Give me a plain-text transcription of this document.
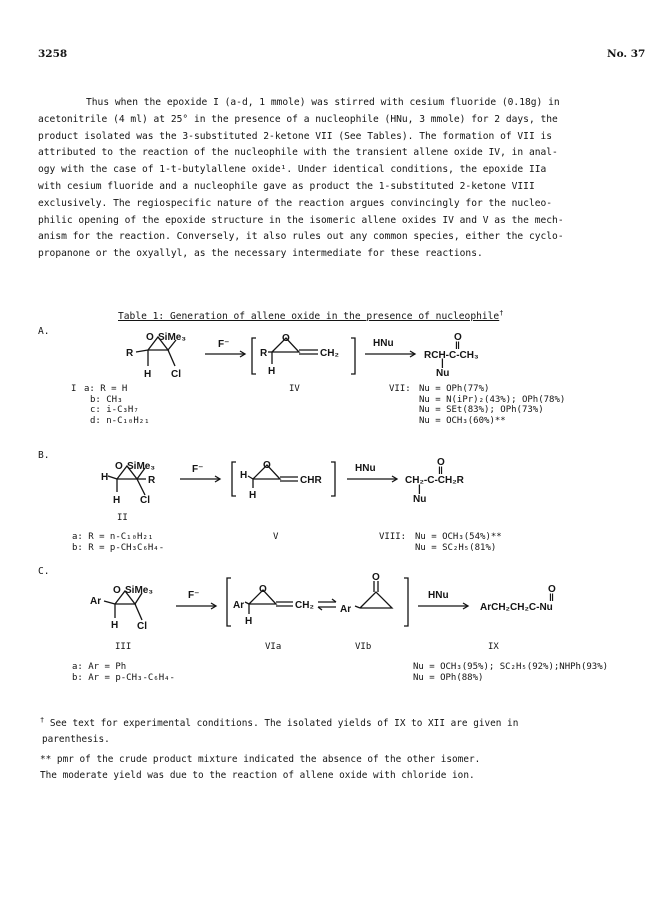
3258	No. 37
Thus when the epoxide I (a-d, 1 mmole) was stirred with cesium fluoride (0.18g) in
acetonitrile (4 ml) at 25° in the presence of a nucleophile (HNu, 3 mmole) for 2 days, the
product isolated was the 3-substituted 2-ketone VII (See Tables). The formation of VII is
attributed to the reaction of the nucleophile with the transient allene oxide IV, in anal-
ogy with the case of 1-t-butylallene oxide¹. Under identical conditions, the epoxide IIa
with cesium fluoride and a nucleophile gave as product the 1-substituted 2-ketone VIII
exclusively. The regiospecific nature of the reaction argues convincingly for the nucleo-
philic opening of the epoxide structure in the isomeric allene oxides IV and V as the mech-
anism for the reaction. Conversely, it also rules out any common species, either the cyclo-
propanone or the oxyallyl, as the necessary intermediate for these reactions.
Table 1: Generation of allene oxide in the presence of nucleophile†
A.
B.
C.
O SiMe₃
R
H Cl
F⁻
R
O
CH₂
H
HNu
O
‖
RCH-C-CH₃
|
Nu
O SiMe₃
H	R
H Cl
F⁻
H
O
CHR
H
HNu
O
‖
CH₂-C-CH₂R
|
Nu
O SiMe₃
Ar
H Cl
F⁻
Ar
O
CH₂
H
O
Ar
HNu
O
‖
ArCH₂CH₂C-Nu
I a: R = H
b: CH₃
c: i-C₃H₇
d: n-C₁₀H₂₁
IV	VII: Nu = OPh(77%)
Nu = N(iPr)₂(43%); OPh(78%)
Nu = SEt(83%); OPh(73%)
Nu = OCH₃(60%)**
II
a: R = n-C₁₀H₂₁
b: R = p-CH₃C₆H₄-
V	VIII: Nu = OCH₃(54%)**
Nu = SC₂H₅(81%)
III	VIa	VIb	IX
a: Ar = Ph
b: Ar = p-CH₃-C₆H₄-
Nu = OCH₃(95%); SC₂H₅(92%);NHPh(93%)
Nu = OPh(88%)
† See text for experimental conditions. The isolated yields of IX to XII are given in
parenthesis.
** pmr of the crude product mixture indicated the absence of the other isomer.
The moderate yield was due to the reaction of allene oxide with chloride ion.
